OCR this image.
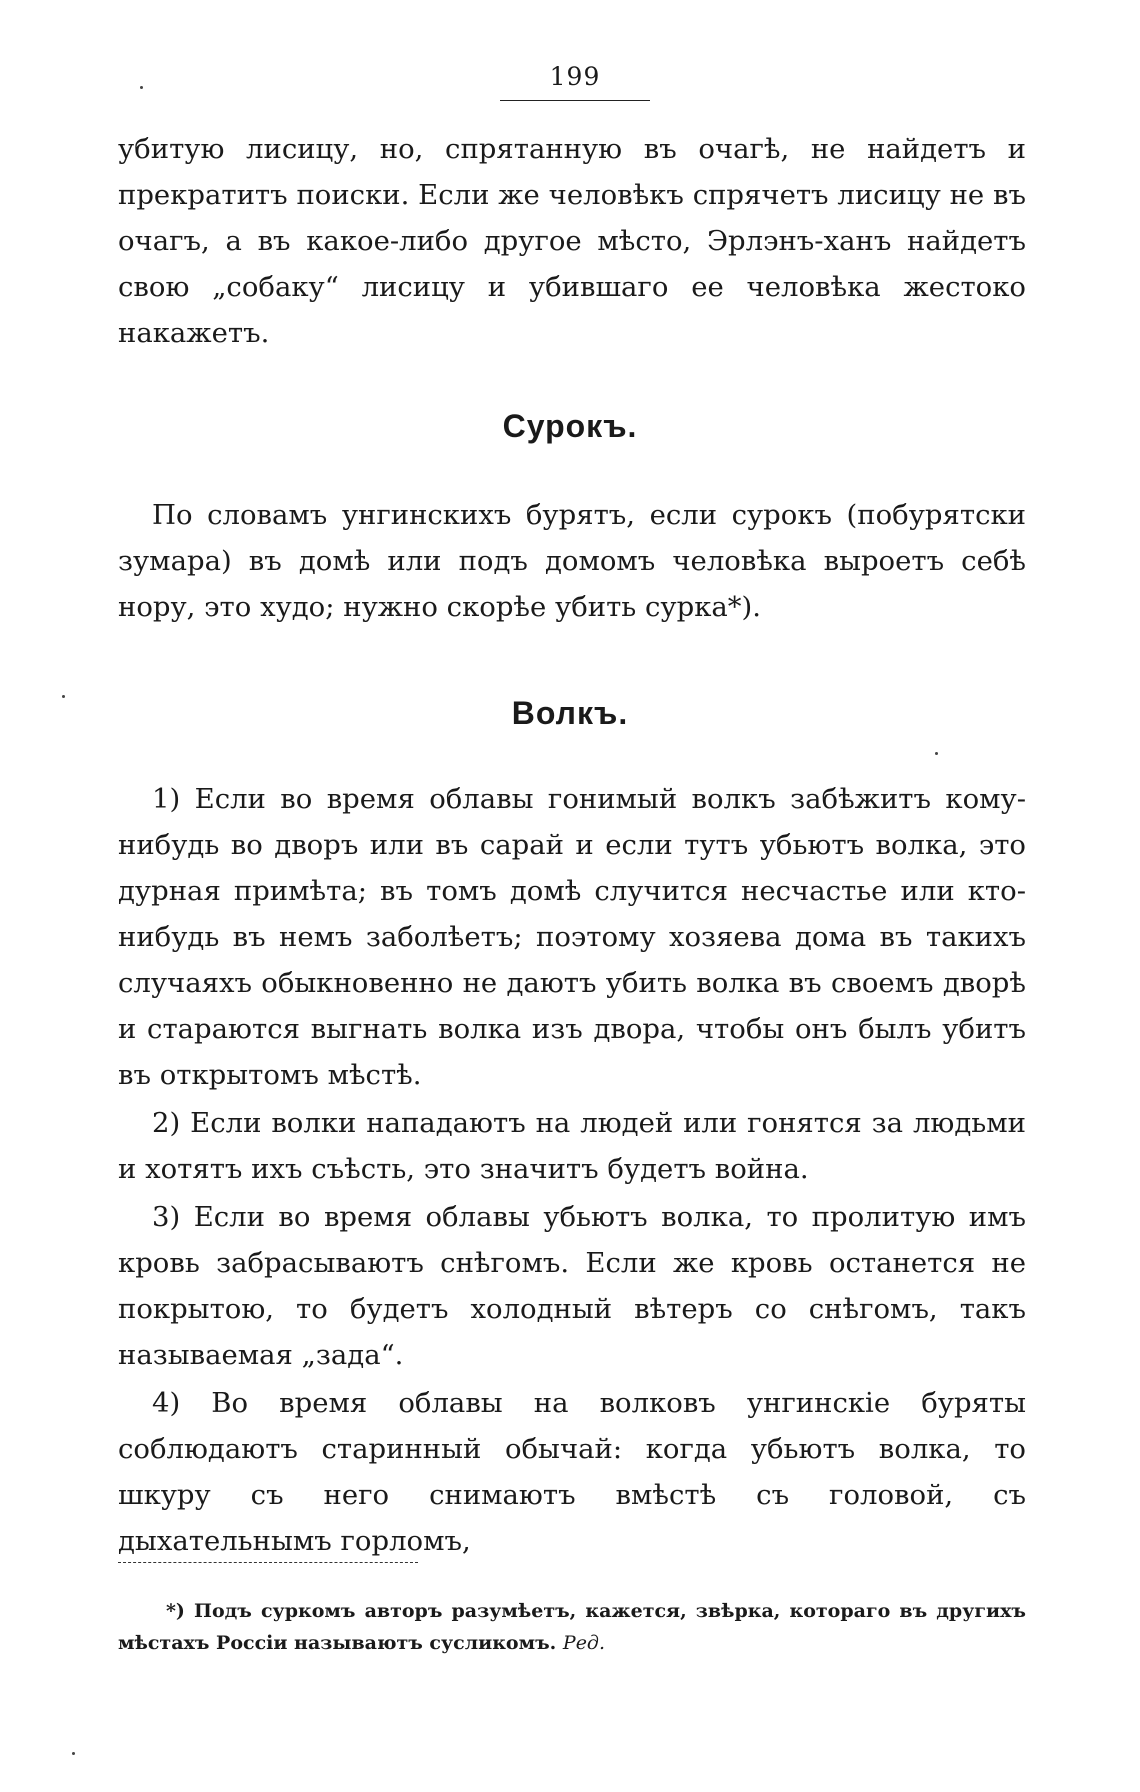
199

убитую лисицу, но, спрятанную въ очагѣ, не найдетъ и прекратитъ поиски. Если же человѣкъ спрячетъ лисицу не въ очагъ, а въ какое-либо другое мѣсто, Эрлэнъ-ханъ найдетъ свою „собаку“ лисицу и убившаго ее человѣка жестоко накажетъ.

Сурокъ.

По словамъ унгинскихъ бурятъ, если сурокъ (побурятски зумара) въ домѣ или подъ домомъ человѣка выроетъ себѣ нору, это худо; нужно скорѣе убить сурка*).

Волкъ.

1) Если во время облавы гонимый волкъ забѣжитъ кому-нибудь во дворъ или въ сарай и если тутъ убьютъ волка, это дурная примѣта; въ томъ домѣ случится несчастье или кто-нибудь въ немъ заболѣетъ; поэтому хозяева дома въ такихъ случаяхъ обыкновенно не даютъ убить волка въ своемъ дворѣ и стараются выгнать волка изъ двора, чтобы онъ былъ убитъ въ открытомъ мѣстѣ.

2) Если волки нападаютъ на людей или гонятся за людьми и хотятъ ихъ съѣсть, это значитъ будетъ война.

3) Если во время облавы убьютъ волка, то пролитую имъ кровь забрасываютъ снѣгомъ. Если же кровь останется не покрытою, то будетъ холодный вѣтеръ со снѣгомъ, такъ называемая „зада“.

4) Во время облавы на волковъ унгинскіе буряты соблюдаютъ старинный обычай: когда убьютъ волка, то шкуру съ него снимаютъ вмѣстѣ съ головой, съ дыхательнымъ горломъ,

*) Подъ суркомъ авторъ разумѣетъ, кажется, звѣрка, котораго въ другихъ мѣстахъ Россіи называютъ сусликомъ. Ред.
